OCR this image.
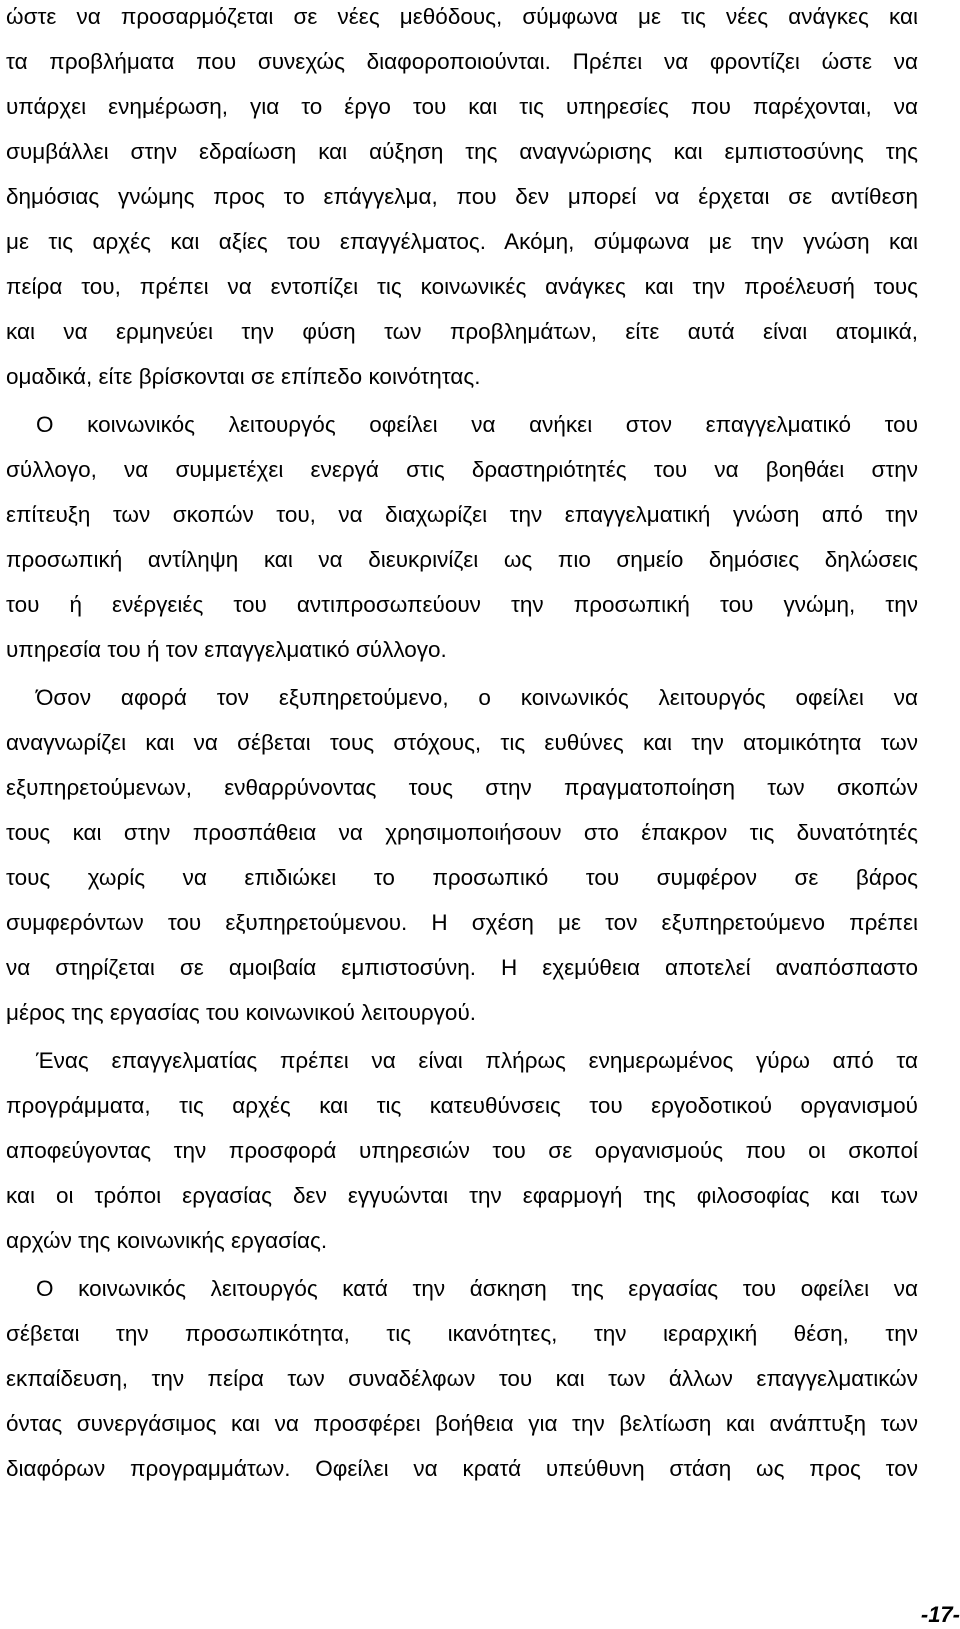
ώστε να προσαρμόζεται σε νέες μεθόδους, σύμφωνα με τις νέες ανάγκες και
τα προβλήματα που συνεχώς διαφοροποιούνται. Πρέπει να φροντίζει ώστε να
υπάρχει ενημέρωση, για το έργο του και τις υπηρεσίες που παρέχονται, να
συμβάλλει στην εδραίωση και αύξηση της αναγνώρισης και εμπιστοσύνης της
δημόσιας γνώμης προς το επάγγελμα, που δεν μπορεί να έρχεται σε αντίθεση
με τις αρχές και αξίες του επαγγέλματος. Ακόμη, σύμφωνα με την γνώση και
πείρα του, πρέπει να εντοπίζει τις κοινωνικές ανάγκες και την προέλευσή τους
και να ερμηνεύει την φύση των προβλημάτων, είτε αυτά είναι ατομικά,
ομαδικά, είτε βρίσκονται σε επίπεδο κοινότητας.
Ο κοινωνικός λειτουργός οφείλει να ανήκει στον επαγγελματικό του
σύλλογο, να συμμετέχει ενεργά στις δραστηριότητές του να βοηθάει στην
επίτευξη των σκοπών του, να διαχωρίζει την επαγγελματική γνώση από την
προσωπική αντίληψη και να διευκρινίζει ως πιο σημείο δημόσιες δηλώσεις
του ή ενέργειές του αντιπροσωπεύουν την προσωπική του γνώμη, την
υπηρεσία του ή τον επαγγελματικό σύλλογο.
Όσον αφορά τον εξυπηρετούμενο, ο κοινωνικός λειτουργός οφείλει να
αναγνωρίζει και να σέβεται τους στόχους, τις ευθύνες και την ατομικότητα των
εξυπηρετούμενων, ενθαρρύνοντας τους στην πραγματοποίηση των σκοπών
τους και στην προσπάθεια να χρησιμοποιήσουν στο έπακρον τις δυνατότητές
τους χωρίς να επιδιώκει το προσωπικό του συμφέρον σε βάρος
συμφερόντων του εξυπηρετούμενου. Η σχέση με τον εξυπηρετούμενο πρέπει
να στηρίζεται σε αμοιβαία εμπιστοσύνη. Η εχεμύθεια αποτελεί αναπόσπαστο
μέρος της εργασίας του κοινωνικού λειτουργού.
Ένας επαγγελματίας πρέπει να είναι πλήρως ενημερωμένος γύρω από τα
προγράμματα, τις αρχές και τις κατευθύνσεις του εργοδοτικού οργανισμού
αποφεύγοντας την προσφορά υπηρεσιών του σε οργανισμούς που οι σκοποί
και οι τρόποι εργασίας δεν εγγυώνται την εφαρμογή της φιλοσοφίας και των
αρχών της κοινωνικής εργασίας.
Ο κοινωνικός λειτουργός κατά την άσκηση της εργασίας του οφείλει να
σέβεται την προσωπικότητα, τις ικανότητες, την ιεραρχική θέση, την
εκπαίδευση, την πείρα των συναδέλφων του και των άλλων επαγγελματικών
όντας συνεργάσιμος και να προσφέρει βοήθεια για την βελτίωση και ανάπτυξη των
διαφόρων προγραμμάτων. Οφείλει να κρατά υπεύθυνη στάση ως προς τον
-17-
